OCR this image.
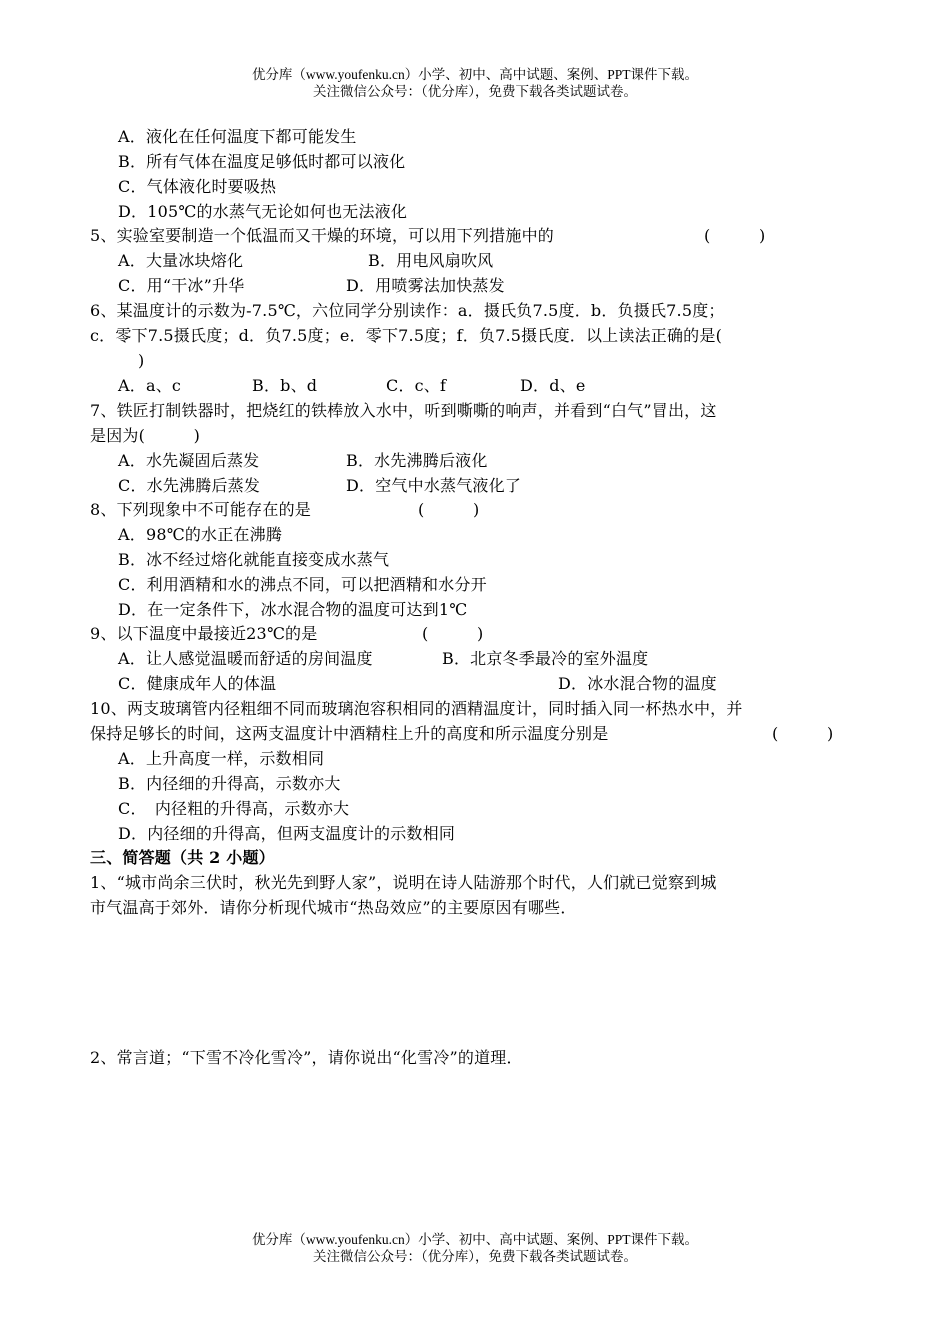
优分库（www.youfenku.cn）小学、初中、高中试题、案例、PPT课件下载。
关注微信公众号：（优分库），免费下载各类试题试卷。
A．液化在任何温度下都可能发生
B．所有气体在温度足够低时都可以液化
C．气体液化时要吸热
D．105℃的水蒸气无论如何也无法液化
5、实验室要制造一个低温而又干燥的环境，可以用下列措施中的	(　　　)
A．大量冰块熔化	B．用电风扇吹风
C．用“干冰”升华	D．用喷雾法加快蒸发
6、某温度计的示数为-7.5℃，六位同学分别读作：a．摄氏负7.5度．b．负摄氏7.5度；
c．零下7.5摄氏度；d．负7.5度；e．零下7.5度；f．负7.5摄氏度．以上读法正确的是(
)
A．a、c	B．b、d	C．c、f	D．d、e
7、铁匠打制铁器时，把烧红的铁棒放入水中，听到嘶嘶的响声，并看到“白气”冒出，这
是因为(　　　)
A．水先凝固后蒸发	B．水先沸腾后液化
C．水先沸腾后蒸发	D．空气中水蒸气液化了
8、下列现象中不可能存在的是	(　　　)
A．98℃的水正在沸腾
B．冰不经过熔化就能直接变成水蒸气
C．利用酒精和水的沸点不同，可以把酒精和水分开
D．在一定条件下，冰水混合物的温度可达到1℃
9、以下温度中最接近23℃的是	(　　　)
A．让人感觉温暖而舒适的房间温度	B．北京冬季最冷的室外温度
C．健康成年人的体温	D．冰水混合物的温度
10、两支玻璃管内径粗细不同而玻璃泡容积相同的酒精温度计，同时插入同一杯热水中，并
保持足够长的时间，这两支温度计中酒精柱上升的高度和所示温度分别是	(　　　)
A．上升高度一样，示数相同
B．内径细的升得高，示数亦大
C．　内径粗的升得高，示数亦大
D．内径细的升得高，但两支温度计的示数相同
三、简答题（共 2 小题）
1、“城市尚余三伏时，秋光先到野人家”，说明在诗人陆游那个时代，人们就已觉察到城
市气温高于郊外．请你分析现代城市“热岛效应”的主要原因有哪些．
2、常言道；“下雪不冷化雪冷”，请你说出“化雪冷”的道理．
优分库（www.youfenku.cn）小学、初中、高中试题、案例、PPT课件下载。
关注微信公众号：（优分库），免费下载各类试题试卷。
